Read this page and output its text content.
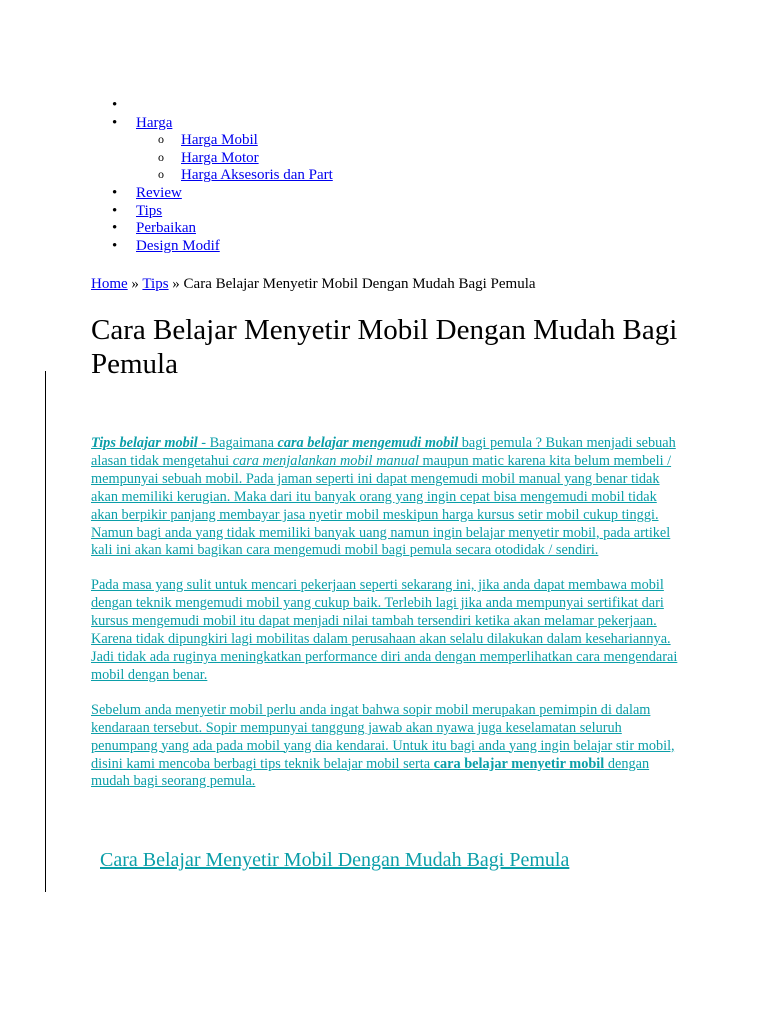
•
• Harga
o Harga Mobil
o Harga Motor
o Harga Aksesoris dan Part
• Review
• Tips
• Perbaikan
• Design Modif
Home » Tips » Cara Belajar Menyetir Mobil Dengan Mudah Bagi Pemula
Cara Belajar Menyetir Mobil Dengan Mudah Bagi Pemula

Tips belajar mobil - Bagaimana cara belajar mengemudi mobil bagi pemula ? Bukan menjadi sebuah alasan tidak mengetahui cara menjalankan mobil manual maupun matic karena kita belum membeli / mempunyai sebuah mobil. Pada jaman seperti ini dapat mengemudi mobil manual yang benar tidak akan memiliki kerugian. Maka dari itu banyak orang yang ingin cepat bisa mengemudi mobil tidak akan berpikir panjang membayar jasa nyetir mobil meskipun harga kursus setir mobil cukup tinggi. Namun bagi anda yang tidak memiliki banyak uang namun ingin belajar menyetir mobil, pada artikel kali ini akan kami bagikan cara mengemudi mobil bagi pemula secara otodidak / sendiri.

Pada masa yang sulit untuk mencari pekerjaan seperti sekarang ini, jika anda dapat membawa mobil dengan teknik mengemudi mobil yang cukup baik. Terlebih lagi jika anda mempunyai sertifikat dari kursus mengemudi mobil itu dapat menjadi nilai tambah tersendiri ketika akan melamar pekerjaan. Karena tidak dipungkiri lagi mobilitas dalam perusahaan akan selalu dilakukan dalam kesehariannya. Jadi tidak ada ruginya meningkatkan performance diri anda dengan memperlihatkan cara mengendarai mobil dengan benar.

Sebelum anda menyetir mobil perlu anda ingat bahwa sopir mobil merupakan pemimpin di dalam kendaraan tersebut. Sopir mempunyai tanggung jawab akan nyawa juga keselamatan seluruh penumpang yang ada pada mobil yang dia kendarai. Untuk itu bagi anda yang ingin belajar stir mobil, disini kami mencoba berbagi tips teknik belajar mobil serta cara belajar menyetir mobil dengan mudah bagi seorang pemula.

Cara Belajar Menyetir Mobil Dengan Mudah Bagi Pemula
